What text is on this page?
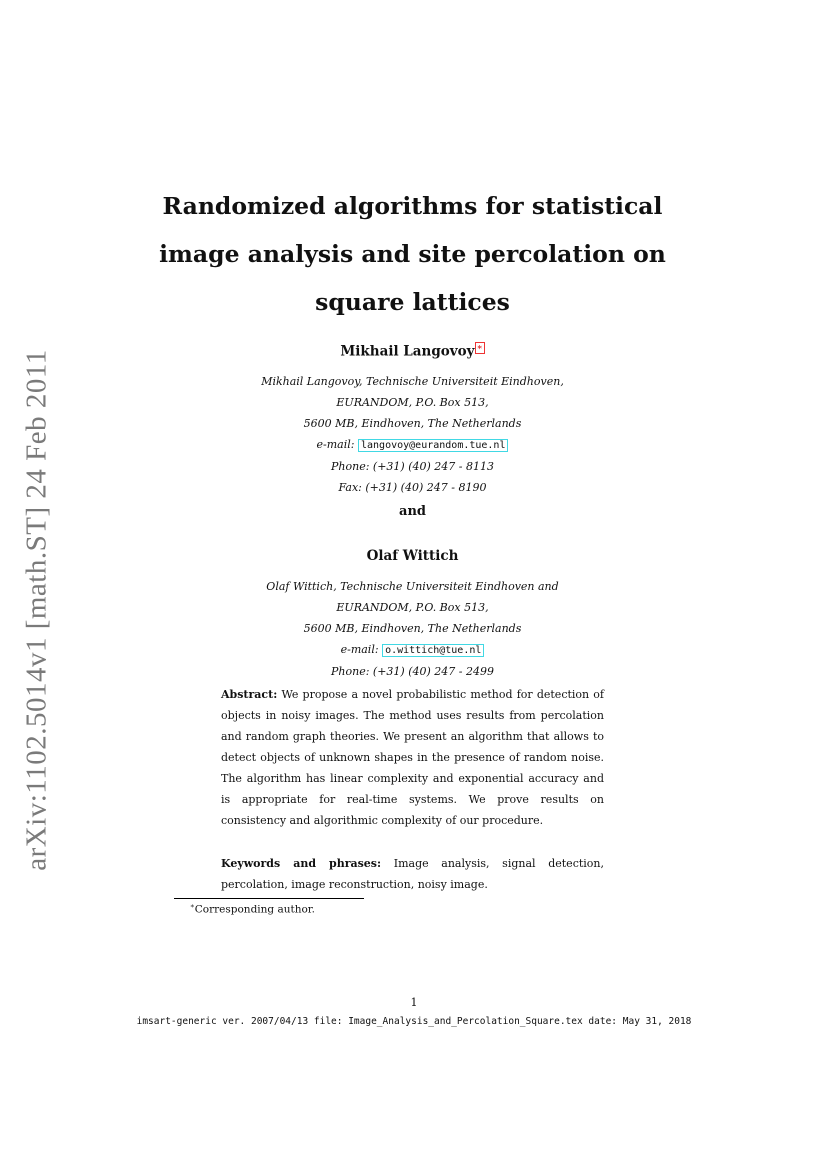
arXiv:1102.5014v1 [math.ST] 24 Feb 2011
Randomized algorithms for statistical image analysis and site percolation on square lattices

Mikhail Langovoy ∗

Mikhail Langovoy, Technische Universiteit Eindhoven,
EURANDOM, P.O. Box 513,
5600 MB, Eindhoven, The Netherlands
e-mail: langovoy@eurandom.tue.nl
Phone: (+31) (40) 247 - 8113
Fax: (+31) (40) 247 - 8190
and

Olaf Wittich

Olaf Wittich, Technische Universiteit Eindhoven and
EURANDOM, P.O. Box 513,
5600 MB, Eindhoven, The Netherlands
e-mail: o.wittich@tue.nl
Phone: (+31) (40) 247 - 2499

Abstract: We propose a novel probabilistic method for detection of objects in noisy images. The method uses results from percolation and random graph theories. We present an algorithm that allows to detect objects of unknown shapes in the presence of random noise. The algorithm has linear complexity and exponential accuracy and is appropriate for real-time systems. We prove results on consistency and algorithmic complexity of our procedure.

Keywords and phrases: Image analysis, signal detection, percolation, image reconstruction, noisy image.

∗Corresponding author.
1
imsart-generic ver. 2007/04/13 file: Image_Analysis_and_Percolation_Square.tex date: May 31, 2018
